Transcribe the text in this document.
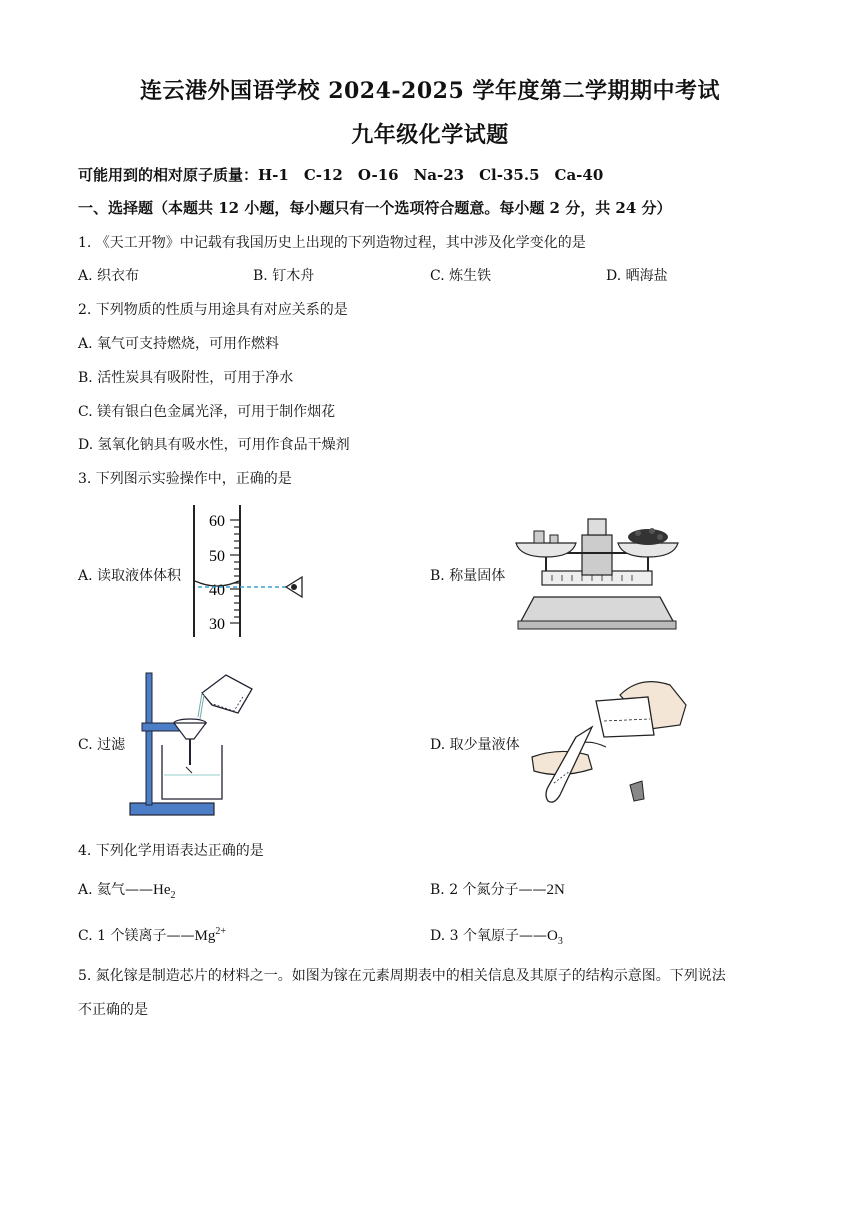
连云港外国语学校 2024-2025 学年度第二学期期中考试
九年级化学试题
可能用到的相对原子质量：H-1　C-12　O-16　Na-23　Cl-35.5　Ca-40
一、选择题（本题共 12 小题，每小题只有一个选项符合题意。每小题 2 分，共 24 分）
1. 《天工开物》中记载有我国历史上出现的下列造物过程，其中涉及化学变化的是
A. 织衣布	B. 钉木舟	C. 炼生铁	D. 晒海盐
2. 下列物质的性质与用途具有对应关系的是
A. 氧气可支持燃烧，可用作燃料
B. 活性炭具有吸附性，可用于净水
C. 镁有银白色金属光泽，可用于制作烟花
D. 氢氧化钠具有吸水性，可用作食品干燥剂
3. 下列图示实验操作中，正确的是
A. 读取液体体积
60
50
40
30
B. 称量固体
C. 过滤	D. 取少量液体
4. 下列化学用语表达正确的是
A. 氦气$——He_2$	B. 2 个氮分子——2N
C. 1 个镁离子$——Mg^{2+}$	D. 3 个氧原子$——O_3$
5. 氮化镓是制造芯片的材料之一。如图为镓在元素周期表中的相关信息及其原子的结构示意图。下列说法
不正确的是
